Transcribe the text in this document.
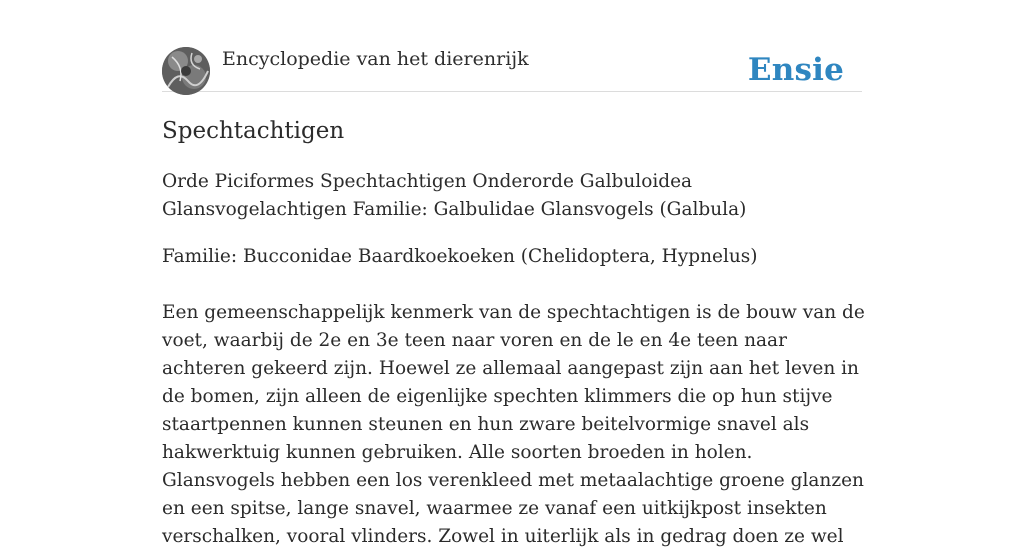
Encyclopedie van het dierenrijk	Ensie
Spechtachtigen

Orde Piciformes Spechtachtigen Onderorde Galbuloidea Glansvogelachtigen Familie: Galbulidae Glansvogels (Galbula)

Familie: Bucconidae Baardkoekoeken (Chelidoptera, Hypnelus)

Een gemeenschappelijk kenmerk van de spechtachtigen is de bouw van de voet, waarbij de 2e en 3e teen naar voren en de le en 4e teen naar achteren gekeerd zijn. Hoewel ze allemaal aangepast zijn aan het leven in de bomen, zijn alleen de eigenlijke spechten klimmers die op hun stijve staartpennen kunnen steunen en hun zware beitelvormige snavel als hakwerktuig kunnen gebruiken. Alle soorten broeden in holen. Glansvogels hebben een los verenkleed met metaalachtige groene glanzen en een spitse, lange snavel, waarmee ze vanaf een uitkijkpost insekten verschalken, vooral vlinders. Zowel in uiterlijk als in gedrag doen ze wel
